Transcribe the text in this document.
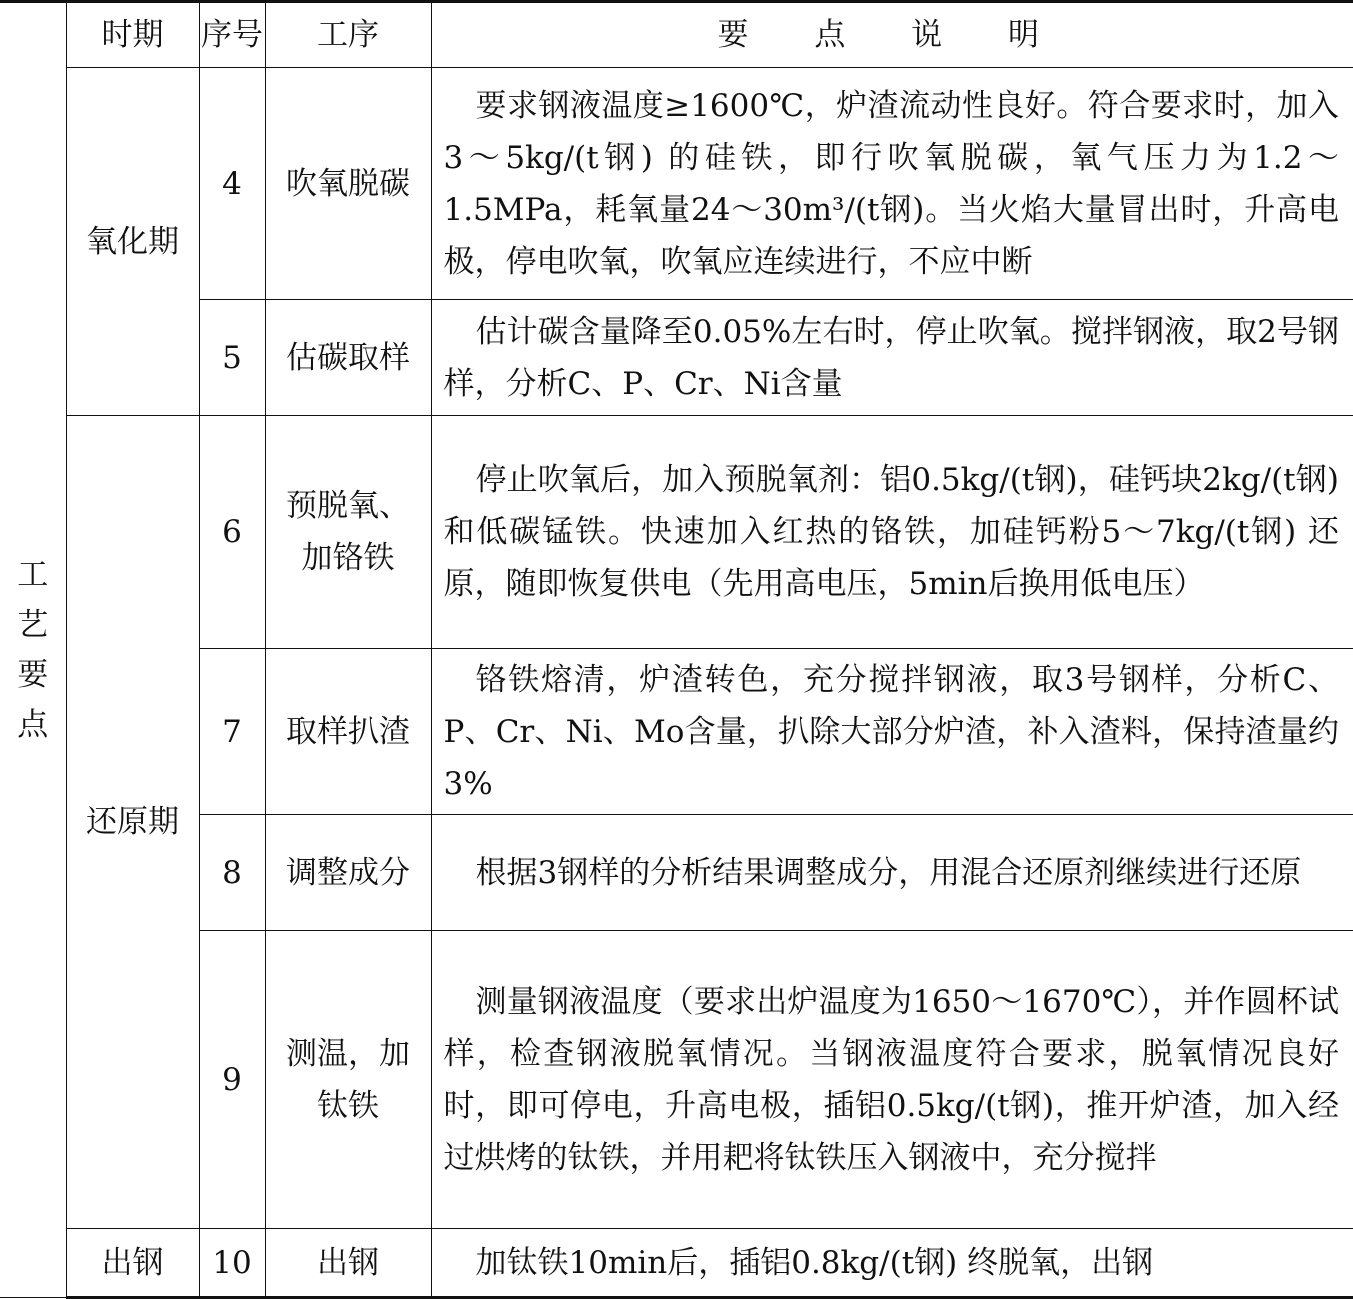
工艺要点	时期	序号	工序	要 点 说 明
	氧化期	4	吹氧脱碳	要求钢液温度≥1600℃，炉渣流动性良好。符合要求时，加入3～5kg/(t钢) 的硅铁，即行吹氧脱碳，氧气压力为1.2～1.5MPa，耗氧量24～30m³/(t钢)。当火焰大量冒出时，升高电极，停电吹氧，吹氧应连续进行，不应中断

		5	估碳取样	估计碳含量降至0.05%左右时，停止吹氧。搅拌钢液，取2号钢样，分析C、P、Cr、Ni含量

	还原期	6	预脱氧、加铬铁	停止吹氧后，加入预脱氧剂：铝0.5kg/(t钢)，硅钙块2kg/(t钢) 和低碳锰铁。快速加入红热的铬铁，加硅钙粉5～7kg/(t钢) 还原，随即恢复供电（先用高电压，5min后换用低电压）

		7	取样扒渣	铬铁熔清，炉渣转色，充分搅拌钢液，取3号钢样，分析C、P、Cr、Ni、Mo含量，扒除大部分炉渣，补入渣料，保持渣量约3%

		8	调整成分	根据3钢样的分析结果调整成分，用混合还原剂继续进行还原

		9	测温，加钛铁	测量钢液温度（要求出炉温度为1650～1670℃），并作圆杯试样，检查钢液脱氧情况。当钢液温度符合要求，脱氧情况良好时，即可停电，升高电极，插铝0.5kg/(t钢)，推开炉渣，加入经过烘烤的钛铁，并用耙将钛铁压入钢液中，充分搅拌

	出钢	10	出钢	加钛铁10min后，插铝0.8kg/(t钢) 终脱氧，出钢
